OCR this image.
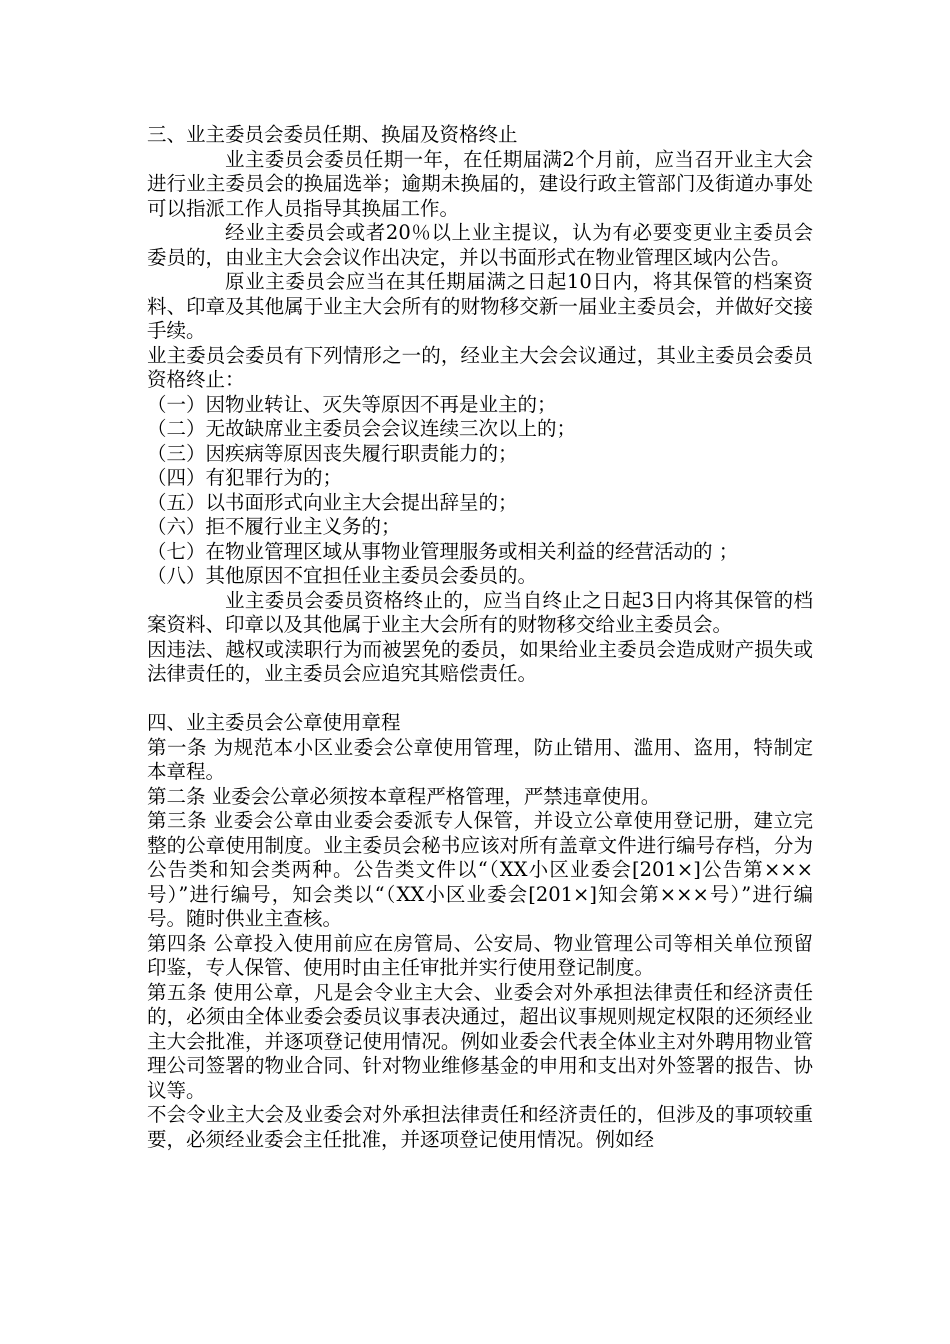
三、业主委员会委员任期、换届及资格终止

业主委员会委员任期一年，在任期届满2个月前，应当召开业主大会进行业主委员会的换届选举；逾期未换届的，建设行政主管部门及街道办事处可以指派工作人员指导其换届工作。

经业主委员会或者20％以上业主提议，认为有必要变更业主委员会委员的，由业主大会会议作出决定，并以书面形式在物业管理区域内公告。

原业主委员会应当在其任期届满之日起10日内，将其保管的档案资料、印章及其他属于业主大会所有的财物移交新一届业主委员会，并做好交接手续。

业主委员会委员有下列情形之一的，经业主大会会议通过，其业主委员会委员资格终止：

（一）因物业转让、灭失等原因不再是业主的；

（二）无故缺席业主委员会会议连续三次以上的；

（三）因疾病等原因丧失履行职责能力的；

（四）有犯罪行为的；

（五）以书面形式向业主大会提出辞呈的；

（六）拒不履行业主义务的；

（七）在物业管理区域从事物业管理服务或相关利益的经营活动的 ；

（八）其他原因不宜担任业主委员会委员的。

业主委员会委员资格终止的，应当自终止之日起3日内将其保管的档案资料、印章以及其他属于业主大会所有的财物移交给业主委员会。

因违法、越权或渎职行为而被罢免的委员，如果给业主委员会造成财产损失或法律责任的，业主委员会应追究其赔偿责任。

四、业主委员会公章使用章程

第一条 为规范本小区业委会公章使用管理，防止错用、滥用、盗用，特制定本章程。

第二条 业委会公章必须按本章程严格管理，严禁违章使用。

第三条 业委会公章由业委会委派专人保管，并设立公章使用登记册，建立完整的公章使用制度。业主委员会秘书应该对所有盖章文件进行编号存档，分为公告类和知会类两种。公告类文件以“（XX小区业委会[201×]公告第×××号）”进行编号，知会类以“（XX小区业委会[201×]知会第×××号）”进行编号。随时供业主查核。

第四条 公章投入使用前应在房管局、公安局、物业管理公司等相关单位预留印鉴，专人保管、使用时由主任审批并实行使用登记制度。

第五条 使用公章，凡是会令业主大会、业委会对外承担法律责任和经济责任的，必须由全体业委会委员议事表决通过，超出议事规则规定权限的还须经业主大会批准，并逐项登记使用情况。例如业委会代表全体业主对外聘用物业管理公司签署的物业合同、针对物业维修基金的申用和支出对外签署的报告、协议等。

不会令业主大会及业委会对外承担法律责任和经济责任的，但涉及的事项较重要，必须经业委会主任批准，并逐项登记使用情况。例如经
